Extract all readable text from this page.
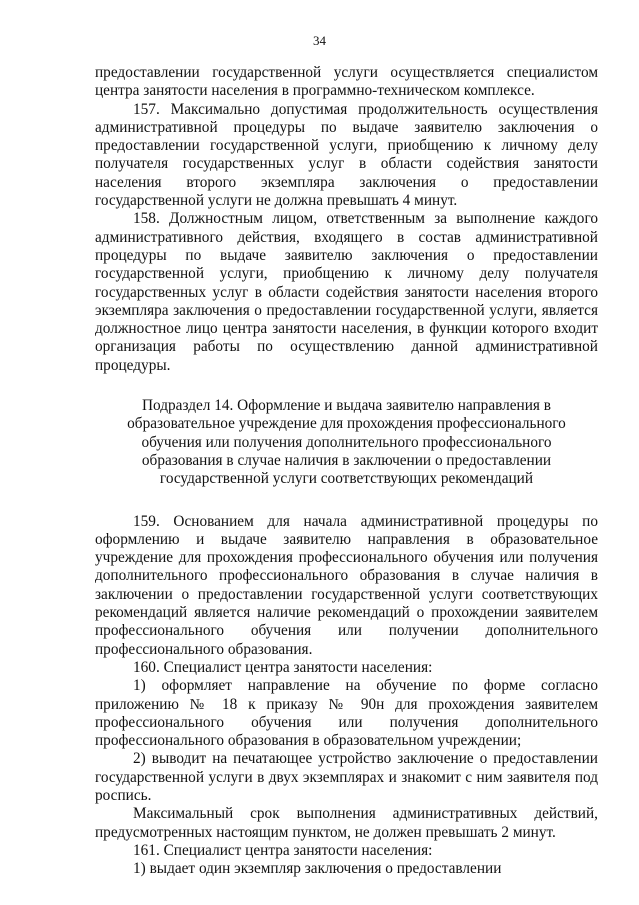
34

предоставлении государственной услуги осуществляется специалистом центра занятости населения в программно-техническом комплексе.

157. Максимально допустимая продолжительность осуществления административной процедуры по выдаче заявителю заключения о предоставлении государственной услуги, приобщению к личному делу получателя государственных услуг в области содействия занятости населения второго экземпляра заключения о предоставлении государственной услуги не должна превышать 4 минут.

158. Должностным лицом, ответственным за выполнение каждого административного действия, входящего в состав административной процедуры по выдаче заявителю заключения о предоставлении государственной услуги, приобщению к личному делу получателя государственных услуг в области содействия занятости населения второго экземпляра заключения о предоставлении государственной услуги, является должностное лицо центра занятости населения, в функции которого входит организация работы по осуществлению данной административной процедуры.

Подраздел 14. Оформление и выдача заявителю направления в
образовательное учреждение для прохождения профессионального
обучения или получения дополнительного профессионального
образования в случае наличия в заключении о предоставлении
государственной услуги соответствующих рекомендаций

159. Основанием для начала административной процедуры по оформлению и выдаче заявителю направления в образовательное учреждение для прохождения профессионального обучения или получения дополнительного профессионального образования в случае наличия в заключении о предоставлении государственной услуги соответствующих рекомендаций является наличие рекомендаций о прохождении заявителем профессионального обучения или получении дополнительного профессионального образования.

160. Специалист центра занятости населения:

1) оформляет направление на обучение по форме согласно приложению № 18 к приказу № 90н для прохождения заявителем профессионального обучения или получения дополнительного профессионального образования в образовательном учреждении;

2) выводит на печатающее устройство заключение о предоставлении государственной услуги в двух экземплярах и знакомит с ним заявителя под роспись.

Максимальный срок выполнения административных действий, предусмотренных настоящим пунктом, не должен превышать 2 минут.

161. Специалист центра занятости населения:

1) выдает один экземпляр заключения о предоставлении
